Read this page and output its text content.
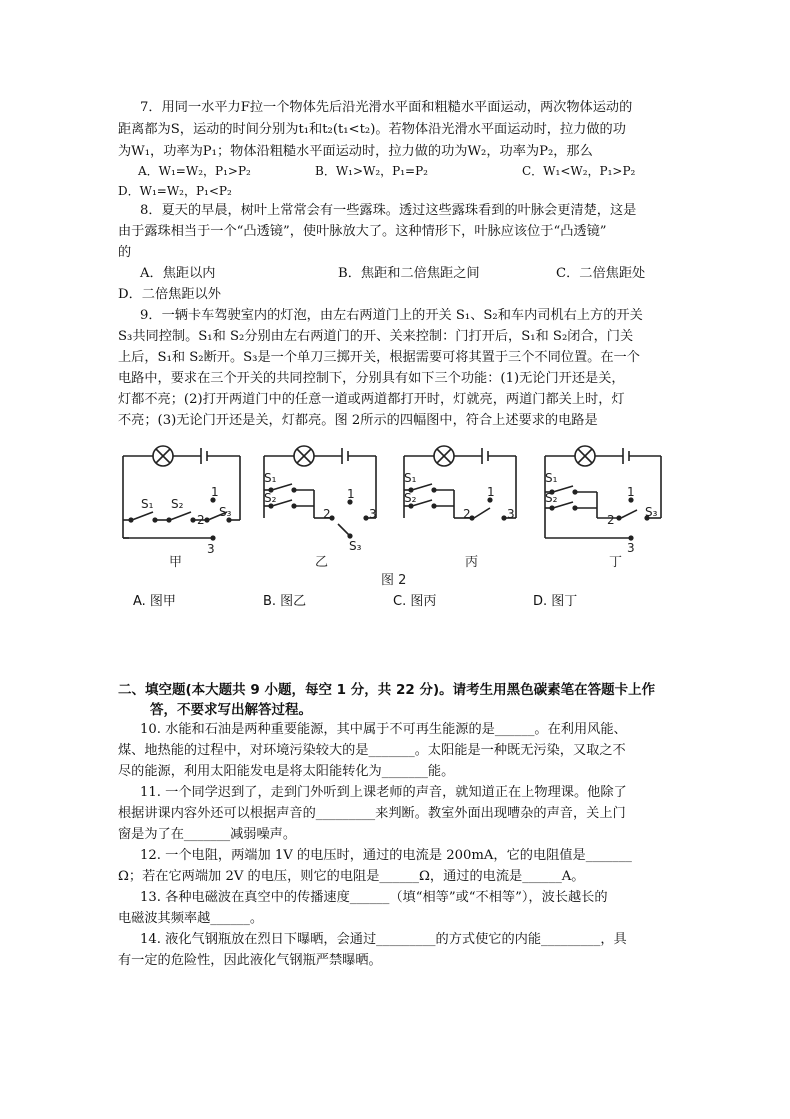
7．用同一水平力F拉一个物体先后沿光滑水平面和粗糙水平面运动，两次物体运动的
距离都为S，运动的时间分别为t₁和t₂(t₁<t₂)。若物体沿光滑水平面运动时，拉力做的功
为W₁，功率为P₁；物体沿粗糙水平面运动时，拉力做的功为W₂，功率为P₂，那么
A．W₁=W₂，P₁>P₂	B．W₁>W₂，P₁=P₂	C．W₁<W₂，P₁>P₂
D．W₁=W₂，P₁<P₂
8．夏天的早晨，树叶上常常会有一些露珠。透过这些露珠看到的叶脉会更清楚，这是
由于露珠相当于一个“凸透镜”，使叶脉放大了。这种情形下，叶脉应该位于“凸透镜”
的
A．焦距以内	B．焦距和二倍焦距之间	C．二倍焦距处
D．二倍焦距以外
9．一辆卡车驾驶室内的灯泡，由左右两道门上的开关 S₁、S₂和车内司机右上方的开关
S₃共同控制。S₁和 S₂分别由左右两道门的开、关来控制：门打开后，S₁和 S₂闭合，门关
上后，S₁和 S₂断开。S₃是一个单刀三掷开关，根据需要可将其置于三个不同位置。在一个
电路中，要求在三个开关的共同控制下，分别具有如下三个功能：(1)无论门开还是关，
灯都不亮；(2)打开两道门中的任意一道或两道都打开时，灯就亮，两道门都关上时，灯
不亮；(3)无论门开还是关，灯都亮。图 2所示的四幅图中，符合上述要求的电路是
S₁ S₂
S₃
1
2
3
S₁
S₂
2
1
3
S₃
S₁
S₂
2
1
3
S₁
S₂
2
1
S₃
3
甲	乙	丙	丁
图 2
A. 图甲	B. 图乙	C. 图丙	D. 图丁
二、填空题(本大题共 9 小题，每空 1 分，共 22 分)。请考生用黑色碳素笔在答题卡上作
答，不要求写出解答过程。
10. 水能和石油是两种重要能源，其中属于不可再生能源的是______。在利用风能、
煤、地热能的过程中，对环境污染较大的是_______。太阳能是一种既无污染，又取之不
尽的能源，利用太阳能发电是将太阳能转化为_______能。
11. 一个同学迟到了，走到门外听到上课老师的声音，就知道正在上物理课。他除了
根据讲课内容外还可以根据声音的_________来判断。教室外面出现嘈杂的声音，关上门
窗是为了在_______减弱噪声。
12. 一个电阻，两端加 1V 的电压时，通过的电流是 200mA，它的电阻值是_______
Ω；若在它两端加 2V 的电压，则它的电阻是______Ω，通过的电流是______A。
13. 各种电磁波在真空中的传播速度______（填“相等”或“不相等”），波长越长的
电磁波其频率越______。
14. 液化气钢瓶放在烈日下曝晒，会通过_________的方式使它的内能_________，具
有一定的危险性，因此液化气钢瓶严禁曝晒。
